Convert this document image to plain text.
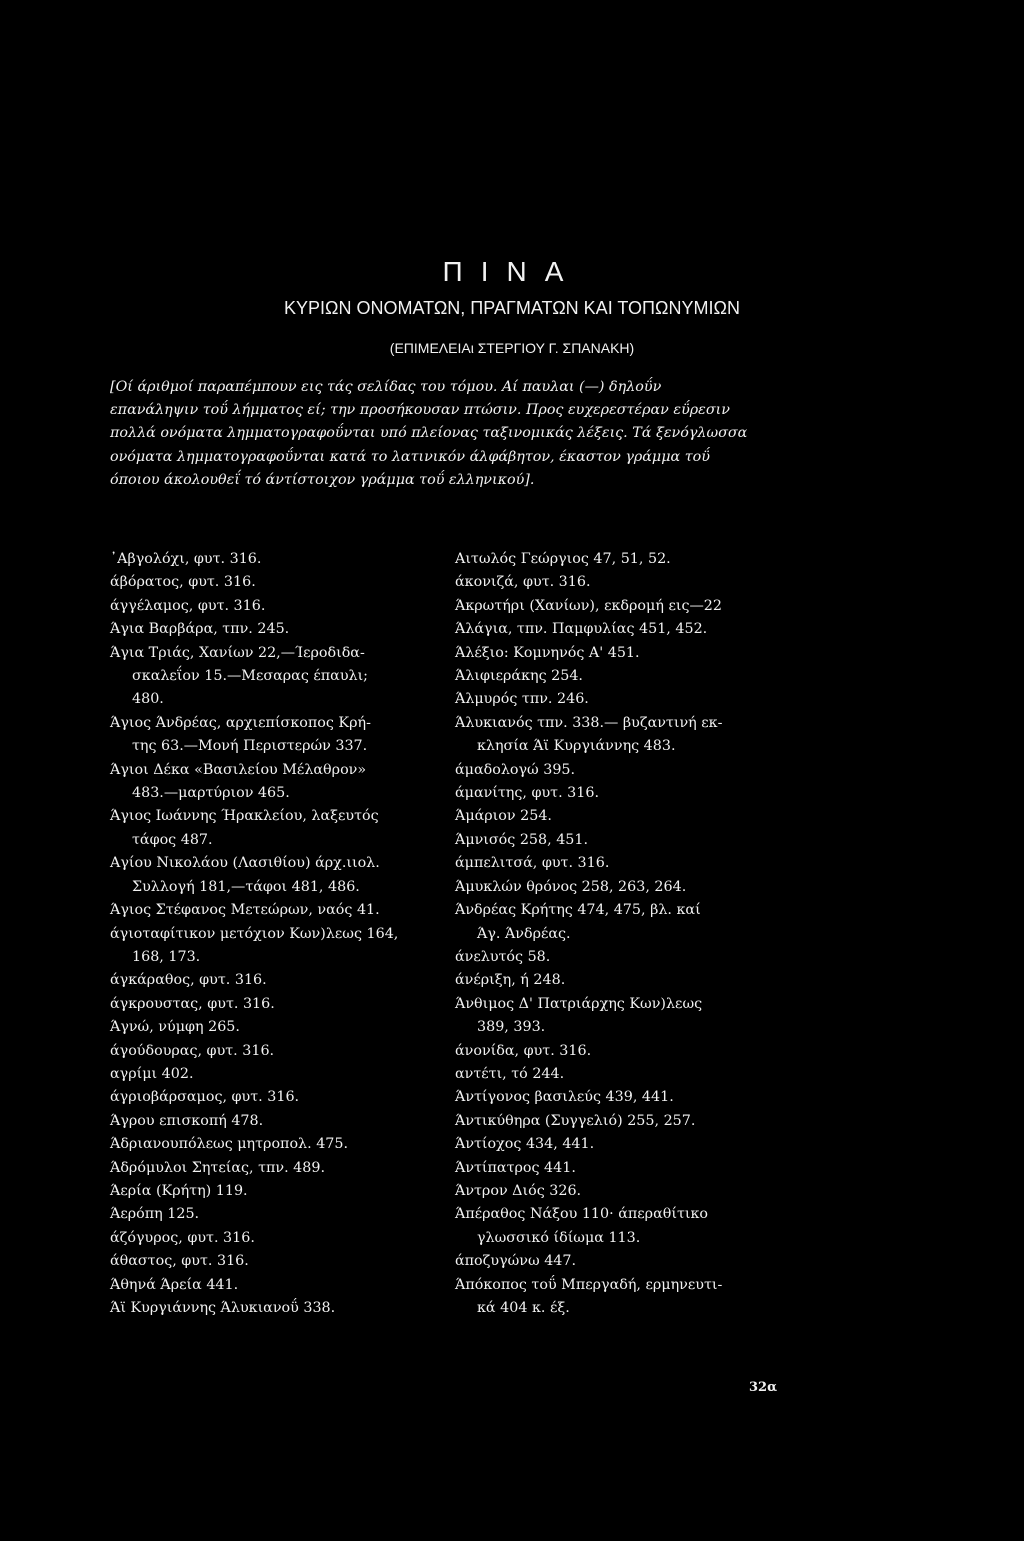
ΠΙΝΑ
ΚΥΡΙΩΝ ΟΝΟΜΑΤΩΝ, ΠΡΑΓΜΑΤΩΝ ΚΑΙ ΤΟΠΩΝΥΜΙΩΝ
(ΕΠΙΜΕΛΕΙΑι ΣΤΕΡΓΙΟΥ Γ. ΣΠΑΝΑΚΗ)
[Οί άριθμοί παραπέμπουν εις τάς σελίδας του τόμου. Αί παυλαι (—) δηλοΰν
επανάληψιν τοΰ λήμματος εί; την προσήκουσαν πτώσιν. Προς ευχερεστέραν εΰρεσιν
πολλά ονόματα λημματογραφοΰνται υπό πλείονας ταξινομικάς λέξεις. Τά ξενόγλωσσα
ονόματα λημματογραφοΰνται κατά το λατινικόν άλφάβητον, έκαστον γράμμα τοΰ
όποιου άκολουθεΐ τό άντίστοιχον γράμμα τοΰ ελληνικού].
᾿Αβγολόχι, φυτ. 316.
άβόρατος, φυτ. 316.
άγγέλαμος, φυτ. 316.
Άγια Βαρβάρα, τπν. 245.
Άγια Τριάς, Χανίων 22,—Ίεροδιδα-
σκαλεΐον 15.—Μεσαρας έπαυλι;
480.
Άγιος Άνδρέας, αρχιεπίσκοπος Κρή-
της 63.—Μονή Περιστερών 337.
Άγιοι Δέκα «Βασιλείου Μέλαθρον»
483.—μαρτύριον 465.
Άγιος Ιωάννης Ήρακλείου, λαξευτός
τάφος 487.
Αγίου Νικολάου (Λασιθίου) άρχ.ιιολ.
Συλλογή 181,—τάφοι 481, 486.
Άγιος Στέφανος Μετεώρων, ναός 41.
άγιοταφίτικον μετόχιον Κων)λεως 164,
168, 173.
άγκάραθος, φυτ. 316.
άγκρουστας, φυτ. 316.
Άγνώ, νύμφη 265.
άγούδουρας, φυτ. 316.
αγρίμι 402.
άγριοβάρσαμος, φυτ. 316.
Άγρου επισκοπή 478.
Άδριανουπόλεως μητροπολ. 475.
Άδρόμυλοι Σητείας, τπν. 489.
Άερία (Κρήτη) 119.
Άερόπη 125.
άζόγυρος, φυτ. 316.
άθαστος, φυτ. 316.
Άθηνά Άρεία 441.
Άϊ Κυργιάννης Άλυκιανοΰ 338.
Αιτωλός Γεώργιος 47, 51, 52.
άκονιζά, φυτ. 316.
Άκρωτήρι (Χανίων), εκδρομή εις—22
Άλάγια, τπν. Παμφυλίας 451, 452.
Άλέξιο: Κομνηνός Α' 451.
Άλιφιεράκης 254.
Άλμυρός τπν. 246.
Άλυκιανός τπν. 338.— βυζαντινή εκ-
κλησία Άϊ Κυργιάννης 483.
άμαδολογώ 395.
άμανίτης, φυτ. 316.
Άμάριον 254.
Άμνισός 258, 451.
άμπελιτσά, φυτ. 316.
Άμυκλών θρόνος 258, 263, 264.
Άνδρέας Κρήτης 474, 475, βλ. καί
Άγ. Άνδρέας.
άνελυτός 58.
άνέριξη, ή 248.
Άνθιμος Δ' Πατριάρχης Κων)λεως
389, 393.
άνονίδα, φυτ. 316.
αντέτι, τό 244.
Άντίγονος βασιλεύς 439, 441.
Άντικύθηρα (Συγγελιό) 255, 257.
Άντίοχος 434, 441.
Άντίπατρος 441.
Άντρον Διός 326.
Άπέραθος Νάξου 110· άπεραθίτικο
γλωσσικό ίδίωμα 113.
άποζυγώνω 447.
Άπόκοπος τοΰ Μπεργαδή, ερμηνευτι-
κά 404 κ. έξ.
32α
